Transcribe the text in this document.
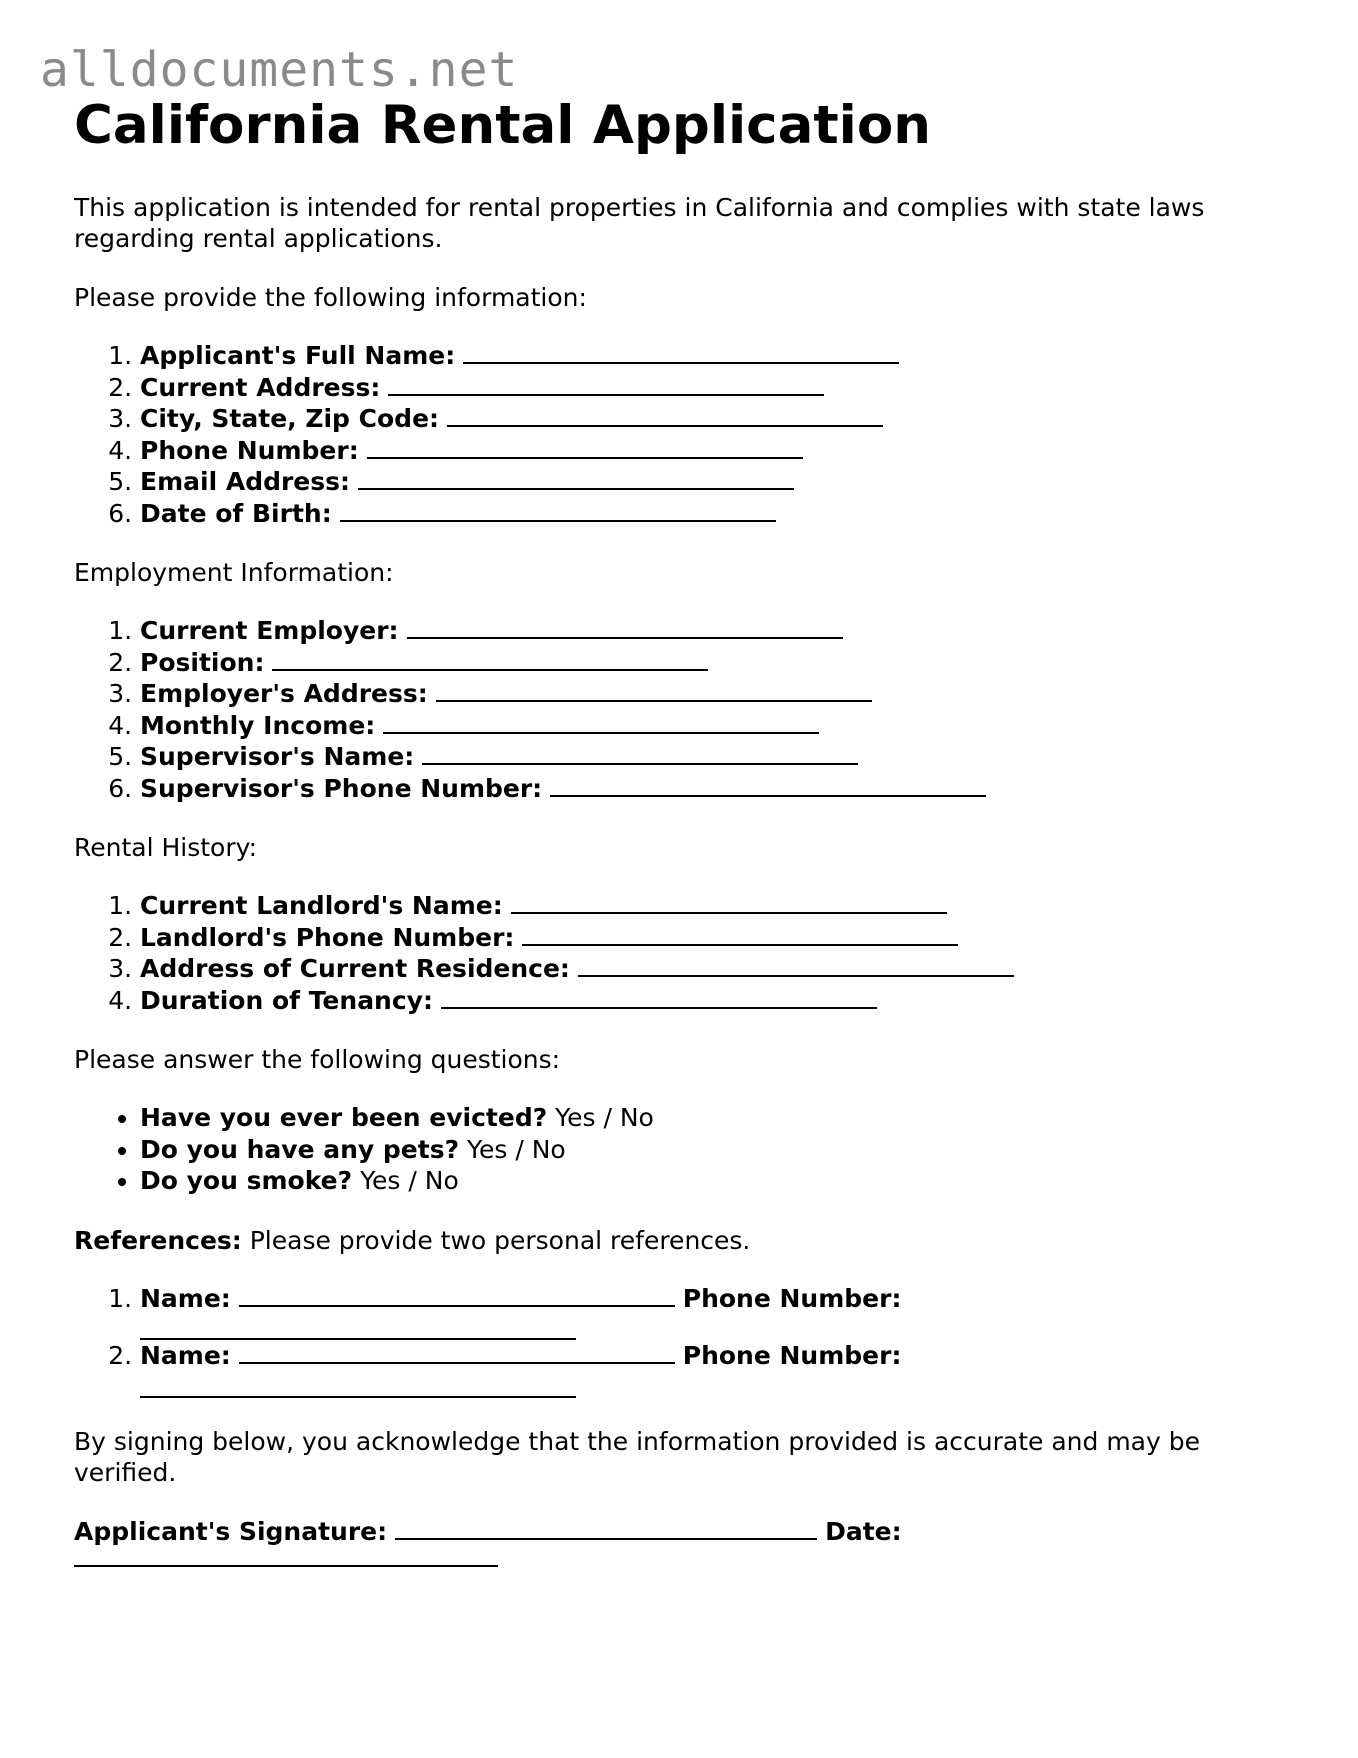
alldocuments.net
California Rental Application

This application is intended for rental properties in California and complies with state laws regarding rental applications.

Please provide the following information:

1. Applicant's Full Name:
2. Current Address:
3. City, State, Zip Code:
4. Phone Number:
5. Email Address:
6. Date of Birth:

Employment Information:

1. Current Employer:
2. Position:
3. Employer's Address:
4. Monthly Income:
5. Supervisor's Name:
6. Supervisor's Phone Number:

Rental History:

1. Current Landlord's Name:
2. Landlord's Phone Number:
3. Address of Current Residence:
4. Duration of Tenancy:

Please answer the following questions:

• Have you ever been evicted? Yes / No
• Do you have any pets? Yes / No
• Do you smoke? Yes / No

References: Please provide two personal references.

1. Name:	Phone Number:
2. Name:	Phone Number:

By signing below, you acknowledge that the information provided is accurate and may be verified.

Applicant's Signature:	Date:
